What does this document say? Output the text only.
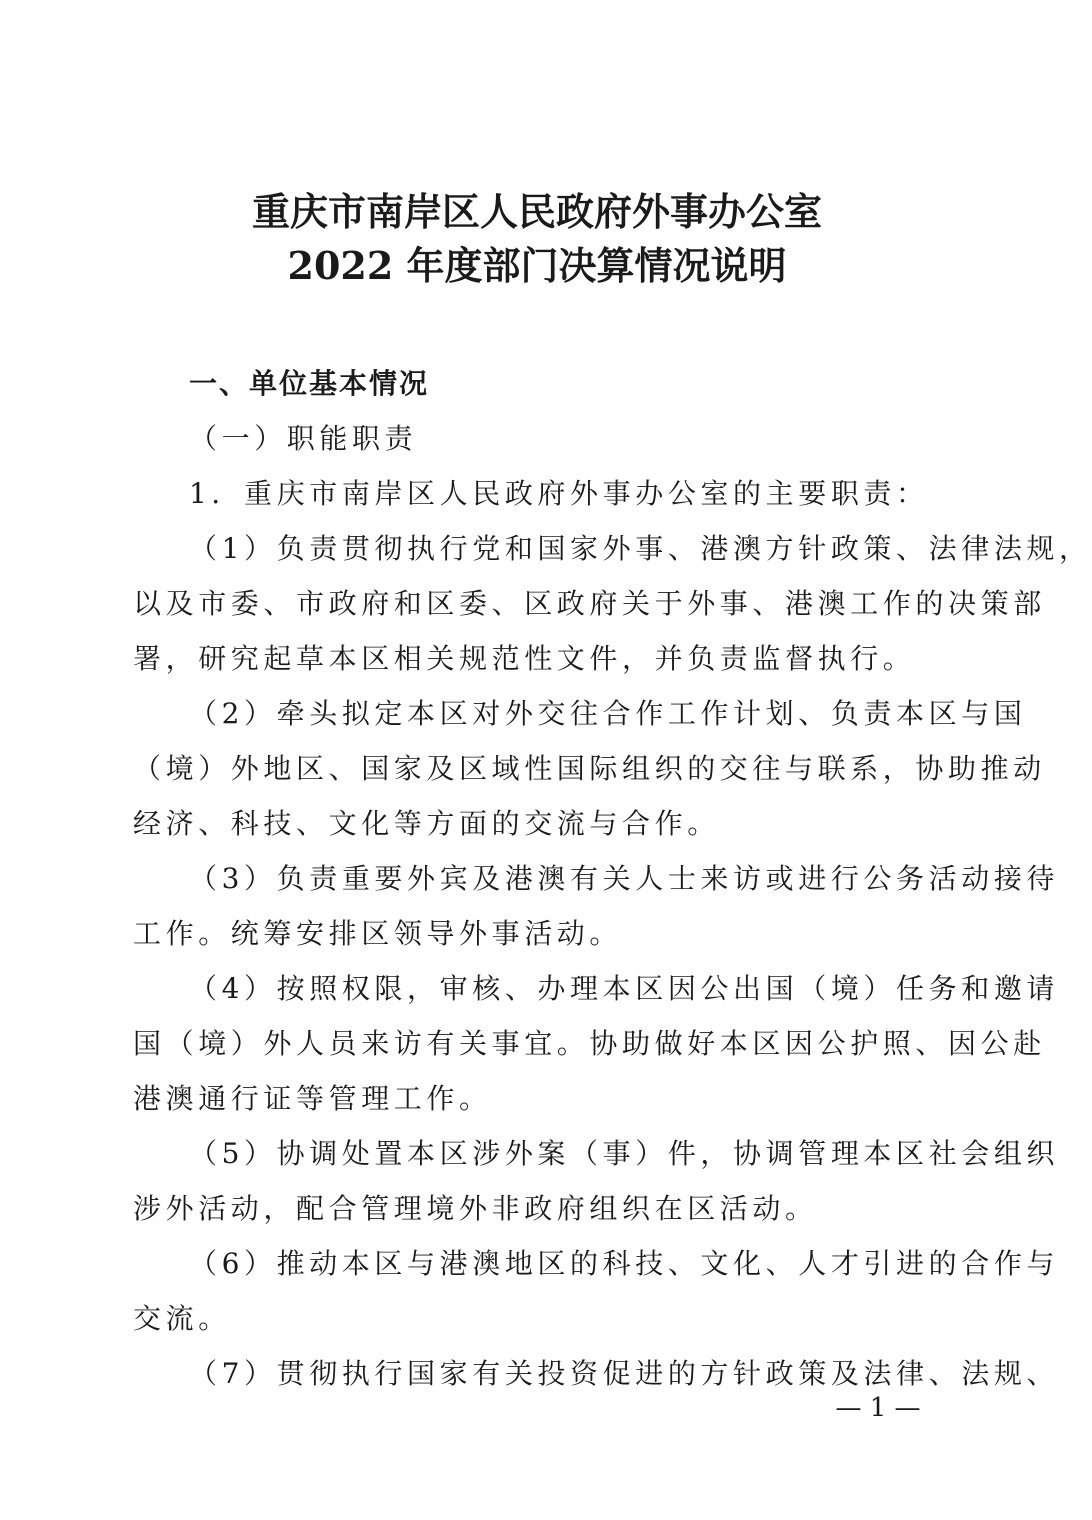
重庆市南岸区人民政府外事办公室
2022 年度部门决算情况说明
一、单位基本情况
（一）职能职责
1．重庆市南岸区人民政府外事办公室的主要职责：
（1）负责贯彻执行党和国家外事、港澳方针政策、法律法规，
以及市委、市政府和区委、区政府关于外事、港澳工作的决策部
署，研究起草本区相关规范性文件，并负责监督执行。
（2）牵头拟定本区对外交往合作工作计划、负责本区与国
（境）外地区、国家及区域性国际组织的交往与联系，协助推动
经济、科技、文化等方面的交流与合作。
（3）负责重要外宾及港澳有关人士来访或进行公务活动接待
工作。统筹安排区领导外事活动。
（4）按照权限，审核、办理本区因公出国（境）任务和邀请
国（境）外人员来访有关事宜。协助做好本区因公护照、因公赴
港澳通行证等管理工作。
（5）协调处置本区涉外案（事）件，协调管理本区社会组织
涉外活动，配合管理境外非政府组织在区活动。
（6）推动本区与港澳地区的科技、文化、人才引进的合作与
交流。
（7）贯彻执行国家有关投资促进的方针政策及法律、法规、
— 1 —
